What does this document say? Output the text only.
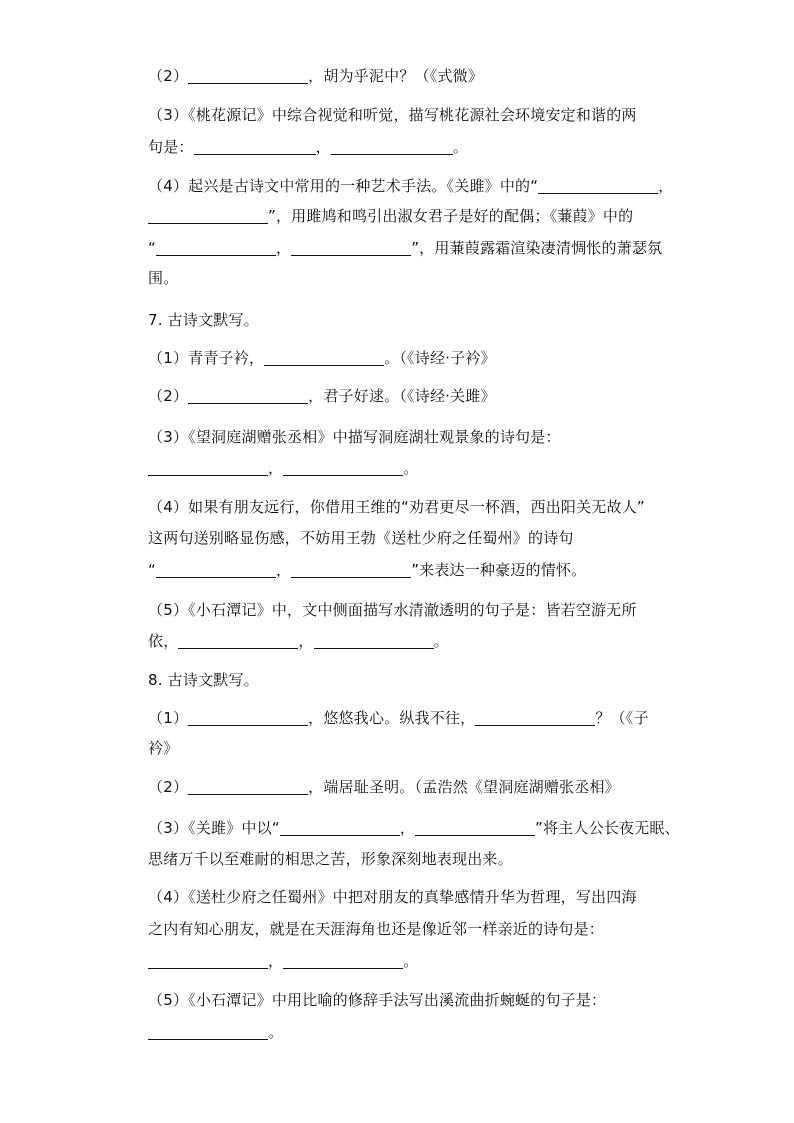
（2）	，胡为乎泥中？（《式微》
（3）《桃花源记》中综合视觉和听觉，描写桃花源社会环境安定和谐的两
句是：	，	。
（4）起兴是古诗文中常用的一种艺术手法。《关雎》中的“	，
”，用雎鸠和鸣引出淑女君子是好的配偶；《蒹葭》中的
“	，	”，用蒹葭露霜渲染凄清惆怅的萧瑟氛
围。
7. 古诗文默写。
（1）青青子衿，	。（《诗经·子衿》
（2）	，君子好逑。（《诗经·关雎》
（3）《望洞庭湖赠张丞相》中描写洞庭湖壮观景象的诗句是：
，	。
（4）如果有朋友远行，你借用王维的“劝君更尽一杯酒，西出阳关无故人”
这两句送别略显伤感，不妨用王勃《送杜少府之任蜀州》的诗句
“	，	”来表达一种豪迈的情怀。
（5）《小石潭记》中，文中侧面描写水清澈透明的句子是：皆若空游无所
依，	，	。
8. 古诗文默写。
（1）	，悠悠我心。纵我不往，	？（《子
衿》
（2）	，端居耻圣明。（孟浩然《望洞庭湖赠张丞相》
（3）《关雎》中以“	，	”将主人公长夜无眠、
思绪万千以至难耐的相思之苦，形象深刻地表现出来。
（4）《送杜少府之任蜀州》中把对朋友的真挚感情升华为哲理，写出四海
之内有知心朋友，就是在天涯海角也还是像近邻一样亲近的诗句是：
，	。
（5）《小石潭记》中用比喻的修辞手法写出溪流曲折蜿蜒的句子是：
。
